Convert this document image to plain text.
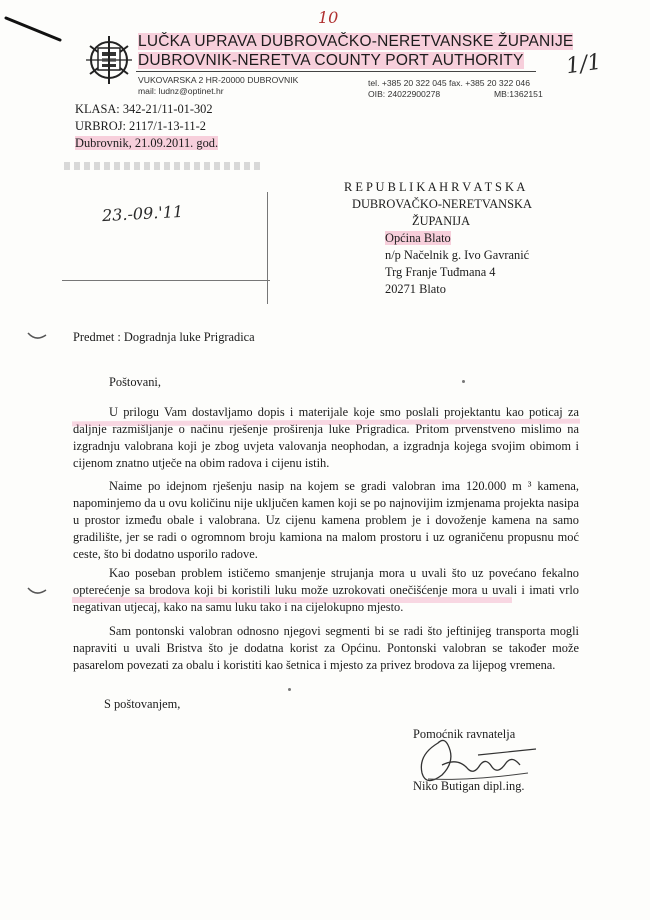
10
LUČKA UPRAVA DUBROVAČKO-NERETVANSKE ŽUPANIJE
DUBROVNIK-NERETVA COUNTY PORT AUTHORITY
VUKOVARSKA 2 HR-20000 DUBROVNIK
mail: ludnz@optinet.hr
tel. +385 20 322 045 fax. +385 20 322 046
OIB: 24022900278	MB:1362151
1/1
KLASA: 342-21/11-01-302
URBROJ: 2117/1-13-11-2
Dubrovnik, 21.09.2011. god.
23.-09.'11
R E P U B L I K A H R V A T S K A
DUBROVAČKO-NERETVANSKA
ŽUPANIJA
Općina Blato
n/p Načelnik g. Ivo Gavranić
Trg Franje Tuđmana 4
20271 Blato
Predmet : Dogradnja luke Prigradica
Poštovani,
U prilogu Vam dostavljamo dopis i materijale koje smo poslali projektantu kao poticaj za daljnje razmišljanje o načinu rješenje proširenja luke Prigradica. Pritom prvenstveno mislimo na izgradnju valobrana koji je zbog uvjeta valovanja neophodan, a izgradnja kojega svojim obimom i cijenom znatno utječe na obim radova i cijenu istih.
Naime po idejnom rješenju nasip na kojem se gradi valobran ima 120.000 m ³ kamena, napominjemo da u ovu količinu nije uključen kamen koji se po najnovijim izmjenama projekta nasipa u prostor između obale i valobrana. Uz cijenu kamena problem je i dovoženje kamena na samo gradilište, jer se radi o ogromnom broju kamiona na malom prostoru i uz ograničenu propusnu moć ceste, što bi dodatno usporilo radove.
Kao poseban problem ističemo smanjenje strujanja mora u uvali što uz povećano fekalno opterećenje sa brodova koji bi koristili luku može uzrokovati onečišćenje mora u uvali i imati vrlo negativan utjecaj, kako na samu luku tako i na cijelokupno mjesto.
Sam pontonski valobran odnosno njegovi segmenti bi se radi što jeftinijeg transporta mogli napraviti u uvali Bristva što je dodatna korist za Općinu. Pontonski valobran se također može pasarelom povezati za obalu i koristiti kao šetnica i mjesto za privez brodova za lijepog vremena.
S poštovanjem,
Pomoćnik ravnatelja
Niko Butigan dipl.ing.
